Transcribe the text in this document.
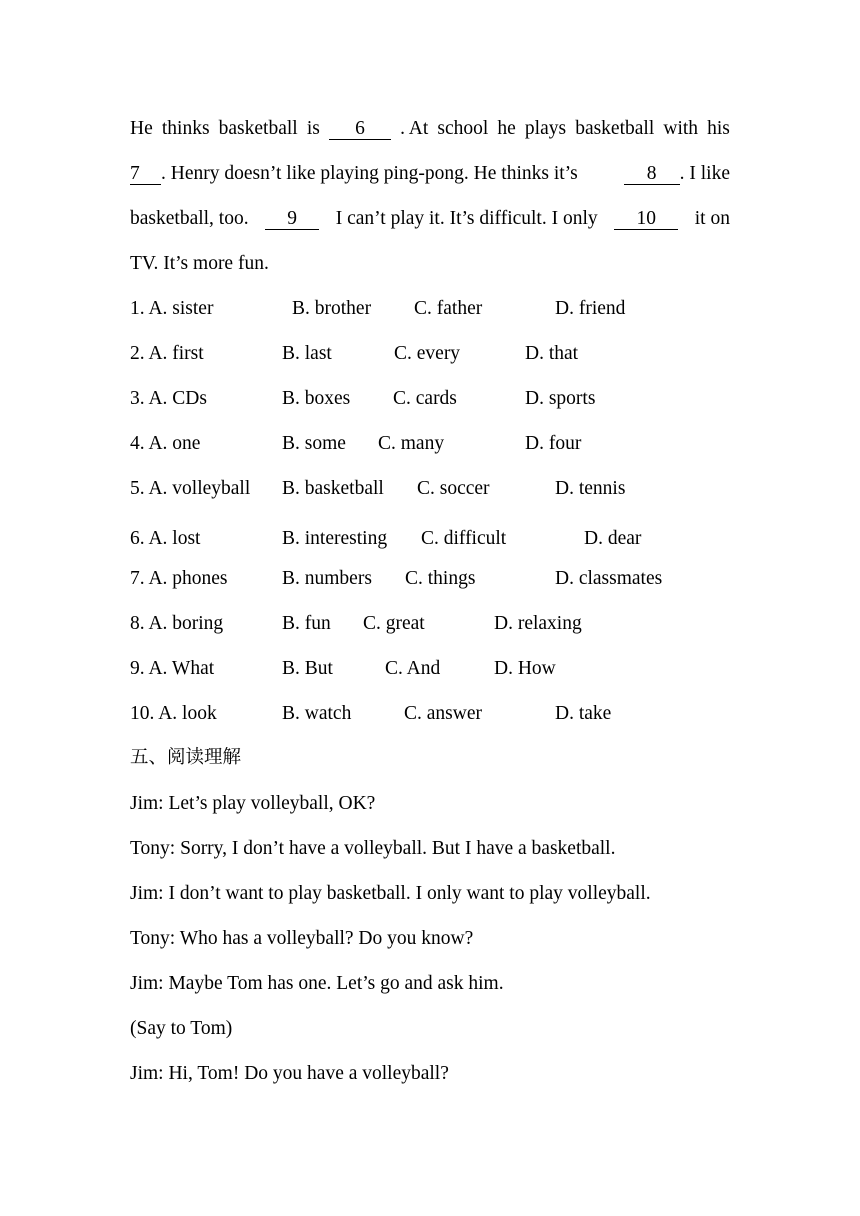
He thinks basketball is	6	. At school he plays basketball with his
7 . Henry doesn’t like playing ping-pong. He thinks it’s	8 . I like
basketball, too.	9	I can’t play it. It’s difficult. I only	10	it on
TV. It’s more fun.
1. A. sister	B. brother C. father	D. friend
2. A. first	B. last	C. every	D. that
3. A. CDs	B. boxes C. cards	D. sports
4. A. one	B. some C. many	D. four
5. A. volleyball B. basketball C. soccer	D. tennis
6. A. lost	B. interesting C. difficult	D. dear
7. A. phones	B. numbers C. things	D. classmates
8. A. boring	B. fun C. great	D. relaxing
9. A. What	B. But	C. And	D. How
10. A. look	B. watch	C. answer	D. take
五、阅读理解
Jim: Let’s play volleyball, OK?
Tony: Sorry, I don’t have a volleyball. But I have a basketball.
Jim: I don’t want to play basketball. I only want to play volleyball.
Tony: Who has a volleyball? Do you know?
Jim: Maybe Tom has one. Let’s go and ask him.
(Say to Tom)
Jim: Hi, Tom! Do you have a volleyball?
